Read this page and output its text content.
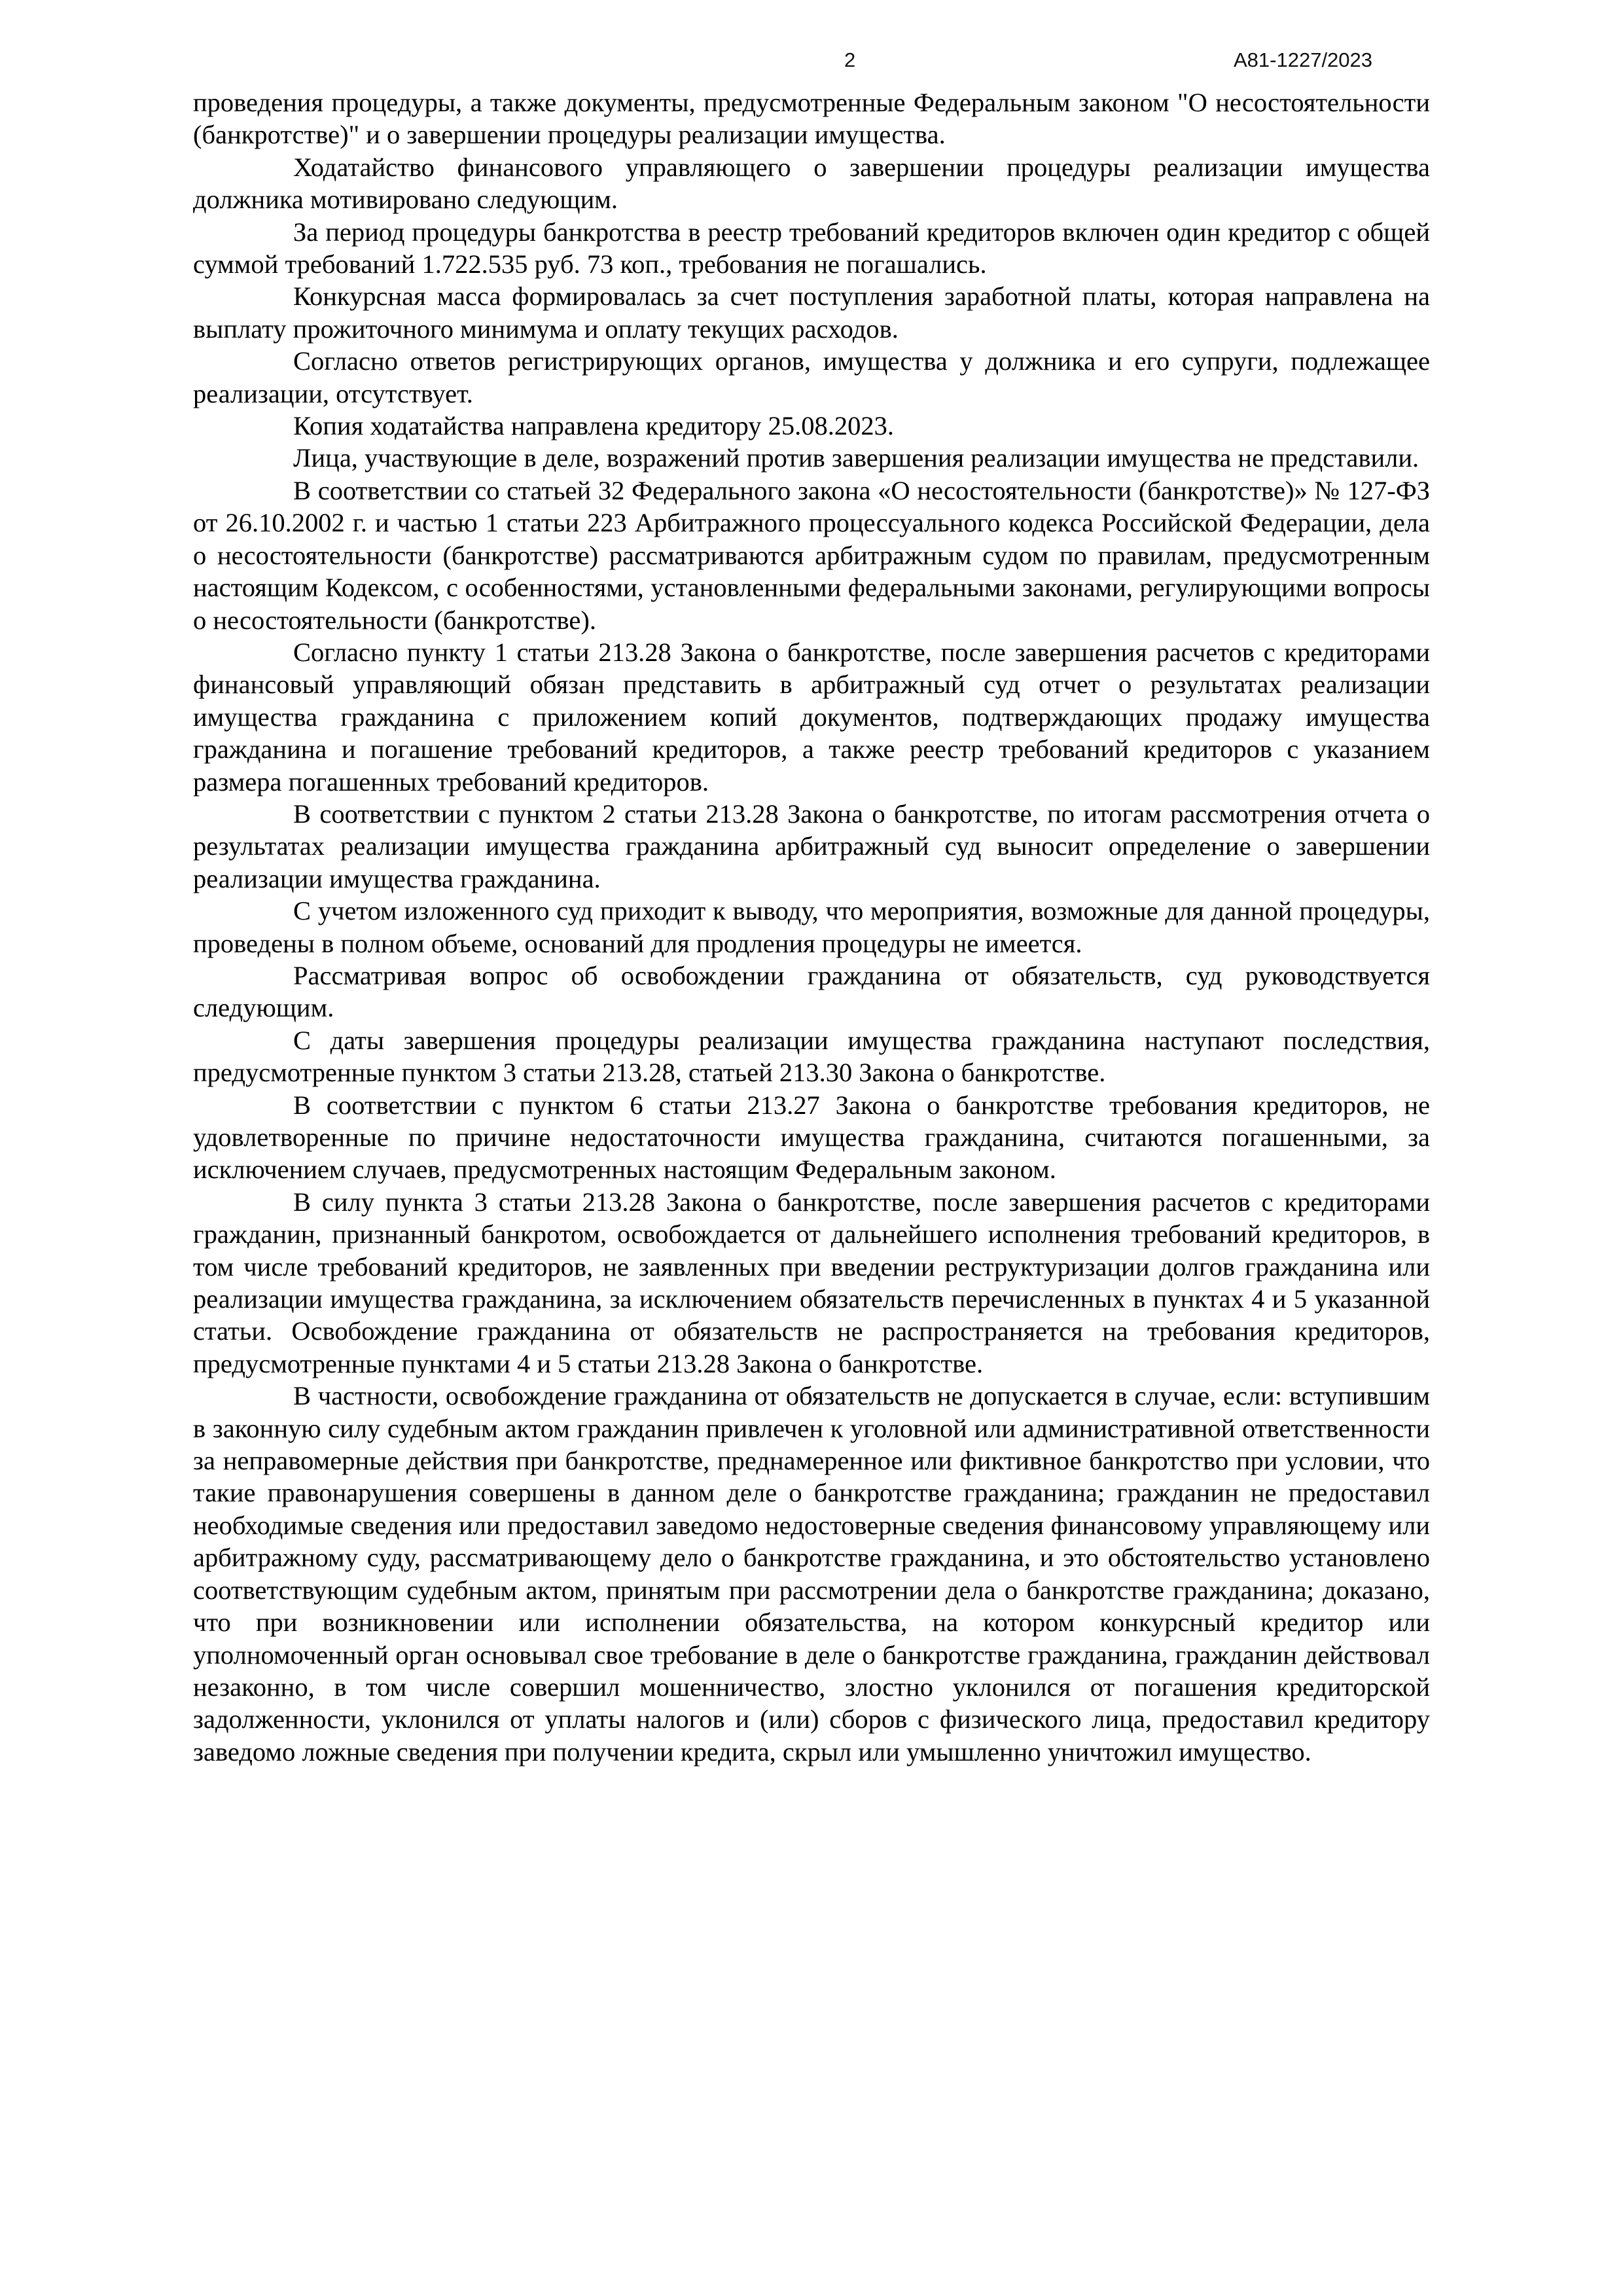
2	А81-1227/2023

проведения процедуры, а также документы, предусмотренные Федеральным законом "О несостоятельности (банкротстве)" и о завершении процедуры реализации имущества.

Ходатайство финансового управляющего о завершении процедуры реализации имущества должника мотивировано следующим.

За период процедуры банкротства в реестр требований кредиторов включен один кредитор с общей суммой требований 1.722.535 руб. 73 коп., требования не погашались.

Конкурсная масса формировалась за счет поступления заработной платы, которая направлена на выплату прожиточного минимума и оплату текущих расходов.

Согласно ответов регистрирующих органов, имущества у должника и его супруги, подлежащее реализации, отсутствует.

Копия ходатайства направлена кредитору 25.08.2023.

Лица, участвующие в деле, возражений против завершения реализации имущества не представили.

В соответствии со статьей 32 Федерального закона «О несостоятельности (банкротстве)» № 127-ФЗ от 26.10.2002 г. и частью 1 статьи 223 Арбитражного процессуального кодекса Российской Федерации, дела о несостоятельности (банкротстве) рассматриваются арбитражным судом по правилам, предусмотренным настоящим Кодексом, с особенностями, установленными федеральными законами, регулирующими вопросы о несостоятельности (банкротстве).

Согласно пункту 1 статьи 213.28 Закона о банкротстве, после завершения расчетов с кредиторами финансовый управляющий обязан представить в арбитражный суд отчет о результатах реализации имущества гражданина с приложением копий документов, подтверждающих продажу имущества гражданина и погашение требований кредиторов, а также реестр требований кредиторов с указанием размера погашенных требований кредиторов.

В соответствии с пунктом 2 статьи 213.28 Закона о банкротстве, по итогам рассмотрения отчета о результатах реализации имущества гражданина арбитражный суд выносит определение о завершении реализации имущества гражданина.

С учетом изложенного суд приходит к выводу, что мероприятия, возможные для данной процедуры, проведены в полном объеме, оснований для продления процедуры не имеется.

Рассматривая вопрос об освобождении гражданина от обязательств, суд руководствуется следующим.

С даты завершения процедуры реализации имущества гражданина наступают последствия, предусмотренные пунктом 3 статьи 213.28, статьей 213.30 Закона о банкротстве.

В соответствии с пунктом 6 статьи 213.27 Закона о банкротстве требования кредиторов, не удовлетворенные по причине недостаточности имущества гражданина, считаются погашенными, за исключением случаев, предусмотренных настоящим Федеральным законом.

В силу пункта 3 статьи 213.28 Закона о банкротстве, после завершения расчетов с кредиторами гражданин, признанный банкротом, освобождается от дальнейшего исполнения требований кредиторов, в том числе требований кредиторов, не заявленных при введении реструктуризации долгов гражданина или реализации имущества гражданина, за исключением обязательств перечисленных в пунктах 4 и 5 указанной статьи. Освобождение гражданина от обязательств не распространяется на требования кредиторов, предусмотренные пунктами 4 и 5 статьи 213.28 Закона о банкротстве.

В частности, освобождение гражданина от обязательств не допускается в случае, если: вступившим в законную силу судебным актом гражданин привлечен к уголовной или административной ответственности за неправомерные действия при банкротстве, преднамеренное или фиктивное банкротство при условии, что такие правонарушения совершены в данном деле о банкротстве гражданина; гражданин не предоставил необходимые сведения или предоставил заведомо недостоверные сведения финансовому управляющему или арбитражному суду, рассматривающему дело о банкротстве гражданина, и это обстоятельство установлено соответствующим судебным актом, принятым при рассмотрении дела о банкротстве гражданина; доказано, что при возникновении или исполнении обязательства, на котором конкурсный кредитор или уполномоченный орган основывал свое требование в деле о банкротстве гражданина, гражданин действовал незаконно, в том числе совершил мошенничество, злостно уклонился от погашения кредиторской задолженности, уклонился от уплаты налогов и (или) сборов с физического лица, предоставил кредитору заведомо ложные сведения при получении кредита, скрыл или умышленно уничтожил имущество.
